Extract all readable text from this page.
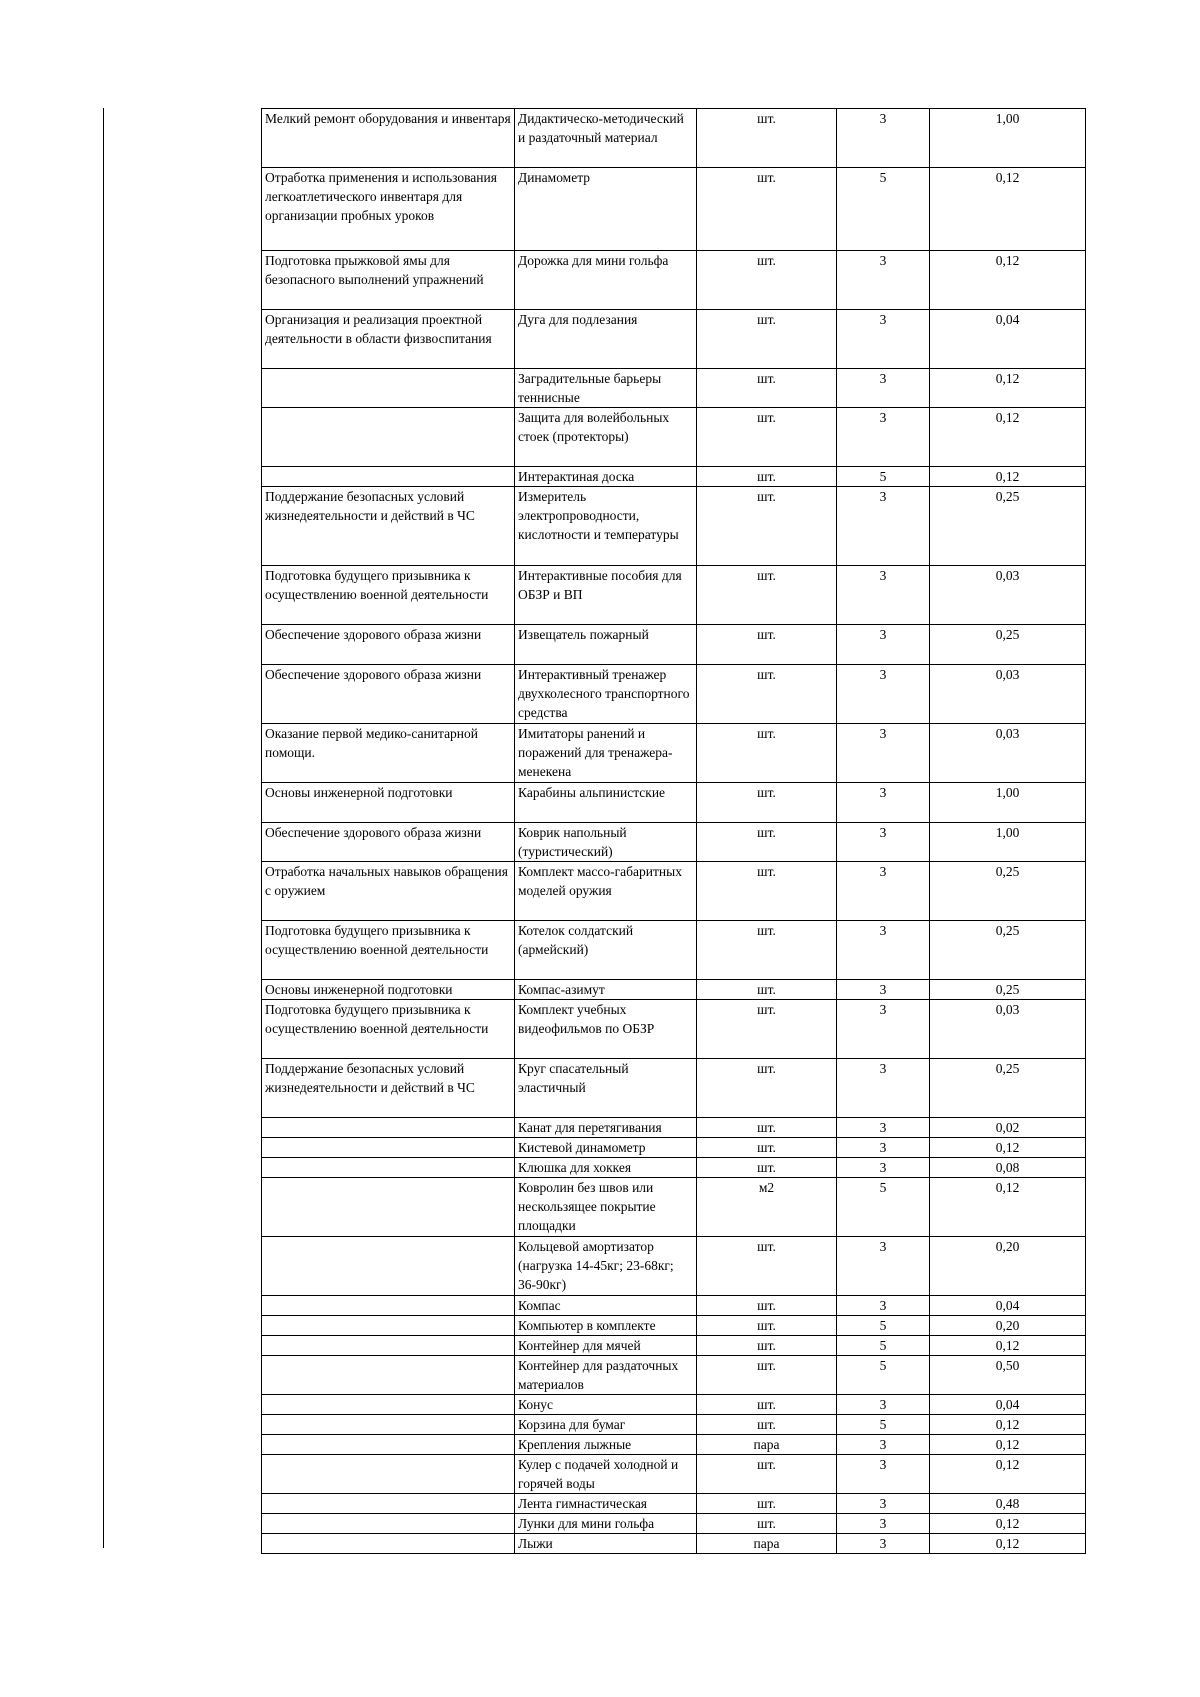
Мелкий ремонт оборудования и инвентаря	Дидактическо-методический и раздаточный материал	шт.	3	1,00
Отработка применения и использования легкоатлетического инвентаря для организации пробных уроков	Динамометр	шт.	5	0,12
Подготовка прыжковой ямы для безопасного выполнений упражнений	Дорожка для мини гольфа	шт.	3	0,12
Организация и реализация проектной деятельности в области физвоспитания	Дуга для подлезания	шт.	3	0,04
	Заградительные барьеры теннисные	шт.	3	0,12
	Защита для волейбольных стоек (протекторы)	шт.	3	0,12
	Интерактиная доска	шт.	5	0,12
Поддержание безопасных условий жизнедеятельности и действий в ЧС	Измеритель электропроводности, кислотности и температуры	шт.	3	0,25
Подготовка будущего призывника к осуществлению военной деятельности	Интерактивные пособия для ОБЗР и ВП	шт.	3	0,03
Обеспечение здорового образа жизни	Извещатель пожарный	шт.	3	0,25
Обеспечение здорового образа жизни	Интерактивный тренажер двухколесного транспортного средства	шт.	3	0,03
Оказание первой медико-санитарной помощи.	Имитаторы ранений и поражений для тренажера-менекена	шт.	3	0,03
Основы инженерной подготовки	Карабины альпинистские	шт.	3	1,00
Обеспечение здорового образа жизни	Коврик напольный (туристический)	шт.	3	1,00
Отработка начальных навыков обращения с оружием	Комплект массо-габаритных моделей оружия	шт.	3	0,25
Подготовка будущего призывника к осуществлению военной деятельности	Котелок солдатский (армейский)	шт.	3	0,25
Основы инженерной подготовки	Компас-азимут	шт.	3	0,25
Подготовка будущего призывника к осуществлению военной деятельности	Комплект учебных видеофильмов по ОБЗР	шт.	3	0,03
Поддержание безопасных условий жизнедеятельности и действий в ЧС	Круг спасательный эластичный	шт.	3	0,25
	Канат для перетягивания	шт.	3	0,02
	Кистевой динамометр	шт.	3	0,12
	Клюшка для хоккея	шт.	3	0,08
	Ковролин без швов или нескользящее покрытие площадки	м2	5	0,12
	Кольцевой амортизатор (нагрузка 14-45кг; 23-68кг; 36-90кг)	шт.	3	0,20
	Компас	шт.	3	0,04
	Компьютер в комплекте	шт.	5	0,20
	Контейнер для мячей	шт.	5	0,12
	Контейнер для раздаточных материалов	шт.	5	0,50
	Конус	шт.	3	0,04
	Корзина для бумаг	шт.	5	0,12
	Крепления лыжные	пара	3	0,12
	Кулер с подачей холодной и горячей воды	шт.	3	0,12
	Лента гимнастическая	шт.	3	0,48
	Лунки для мини гольфа	шт.	3	0,12
	Лыжи	пара	3	0,12
